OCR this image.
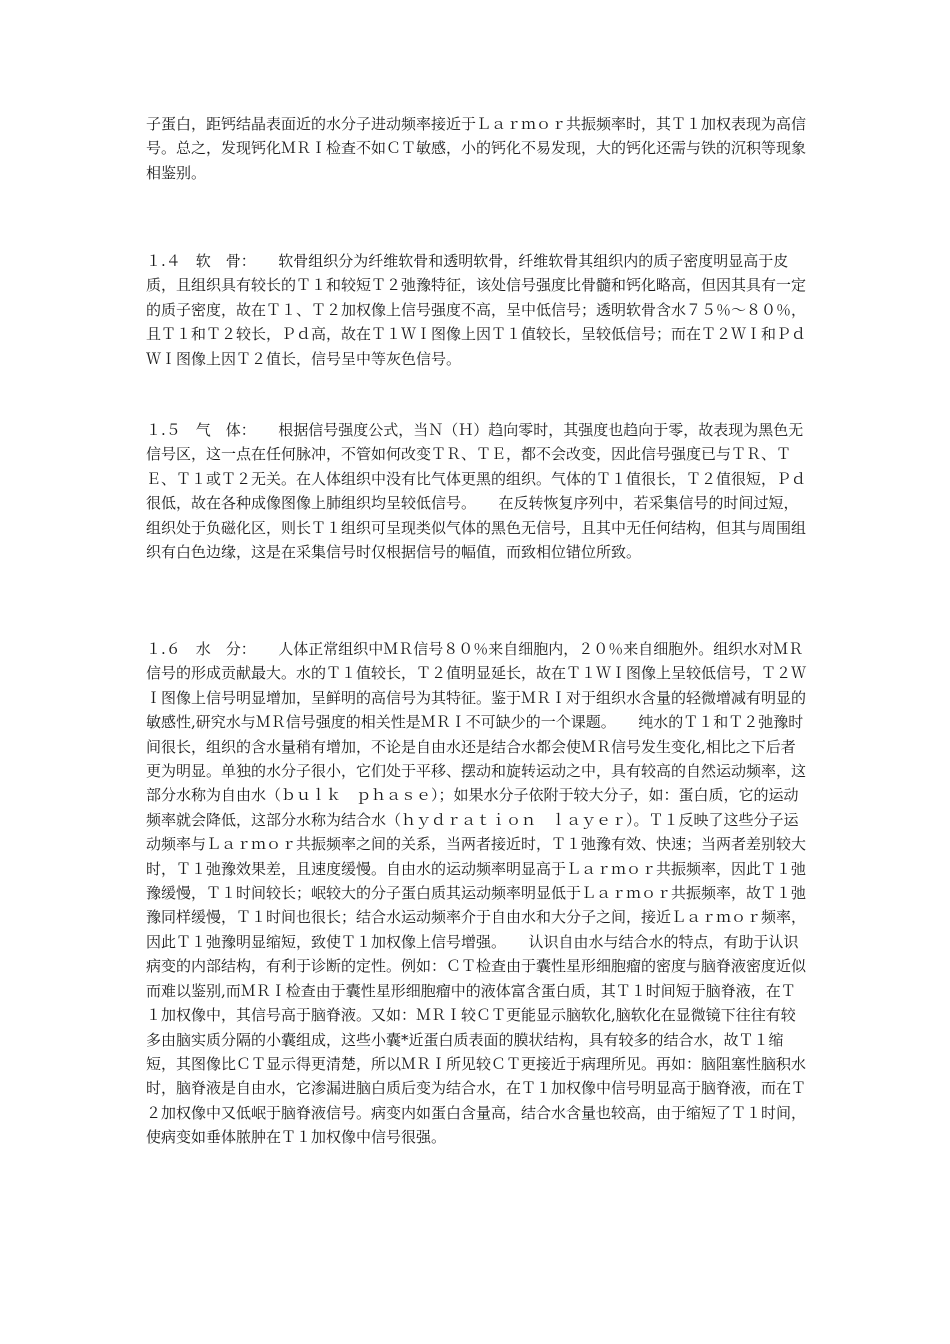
子蛋白，距钙结晶表面近的水分子进动频率接近于Ｌａｒｍｏｒ共振频率时，其Ｔ１加权表现为高信号。总之，发现钙化ＭＲＩ检查不如ＣＴ敏感，小的钙化不易发现，大的钙化还需与铁的沉积等现象相鉴别。
１.４　软　骨：　　软骨组织分为纤维软骨和透明软骨，纤维软骨其组织内的质子密度明显高于皮质，且组织具有较长的Ｔ１和较短Ｔ２弛豫特征，该处信号强度比骨髓和钙化略高，但因其具有一定的质子密度，故在Ｔ１、Ｔ２加权像上信号强度不高，呈中低信号；透明软骨含水７５％～８０％，且Ｔ１和Ｔ２较长，Ｐｄ高，故在Ｔ１ＷＩ图像上因Ｔ１值较长，呈较低信号；而在Ｔ２ＷＩ和ＰｄＷＩ图像上因Ｔ２值长，信号呈中等灰色信号。
１.５　气　体：　　根据信号强度公式，当Ｎ（Ｈ）趋向零时，其强度也趋向于零，故表现为黑色无信号区，这一点在任何脉冲，不管如何改变ＴＲ、ＴＥ，都不会改变，因此信号强度已与ＴＲ、ＴＥ、Ｔ１或Ｔ２无关。在人体组织中没有比气体更黑的组织。气体的Ｔ１值很长，Ｔ２值很短，Ｐｄ很低，故在各种成像图像上肺组织均呈较低信号。　　在反转恢复序列中，若采集信号的时间过短，组织处于负磁化区，则长Ｔ１组织可呈现类似气体的黑色无信号，且其中无任何结构，但其与周围组织有白色边缘，这是在采集信号时仅根据信号的幅值，而致相位错位所致。
１.６　水　分：　　人体正常组织中ＭＲ信号８０％来自细胞内，２０％来自细胞外。组织水对ＭＲ信号的形成贡献最大。水的Ｔ１值较长，Ｔ２值明显延长，故在Ｔ１ＷＩ图像上呈较低信号，Ｔ２ＷＩ图像上信号明显增加，呈鲜明的高信号为其特征。鉴于ＭＲＩ对于组织水含量的轻微增减有明显的敏感性,研究水与ＭＲ信号强度的相关性是ＭＲＩ不可缺少的一个课题。　　纯水的Ｔ１和Ｔ２弛豫时间很长，组织的含水量稍有增加，不论是自由水还是结合水都会使ＭＲ信号发生变化,相比之下后者更为明显。单独的水分子很小，它们处于平移、摆动和旋转运动之中，具有较高的自然运动频率，这部分水称为自由水（ｂｕｌｋ　ｐｈａｓｅ）；如果水分子依附于较大分子，如：蛋白质，它的运动频率就会降低，这部分水称为结合水（ｈｙｄｒａｔｉｏｎ　ｌａｙｅｒ）。Ｔ１反映了这些分子运动频率与Ｌａｒｍｏｒ共振频率之间的关系，当两者接近时，Ｔ１弛豫有效、快速；当两者差别较大时，Ｔ１弛豫效果差，且速度缓慢。自由水的运动频率明显高于Ｌａｒｍｏｒ共振频率，因此Ｔ１弛豫缓慢，Ｔ１时间较长；岷较大的分子蛋白质其运动频率明显低于Ｌａｒｍｏｒ共振频率，故Ｔ１弛豫同样缓慢，Ｔ１时间也很长；结合水运动频率介于自由水和大分子之间，接近Ｌａｒｍｏｒ频率，因此Ｔ１弛豫明显缩短，致使Ｔ１加权像上信号增强。　　认识自由水与结合水的特点，有助于认识病变的内部结构，有利于诊断的定性。例如：ＣＴ检查由于囊性星形细胞瘤的密度与脑脊液密度近似而难以鉴别,而ＭＲＩ检查由于囊性星形细胞瘤中的液体富含蛋白质，其Ｔ１时间短于脑脊液，在Ｔ１加权像中，其信号高于脑脊液。又如：ＭＲＩ较ＣＴ更能显示脑软化,脑软化在显微镜下往往有较多由脑实质分隔的小囊组成，这些小囊*近蛋白质表面的膜状结构，具有较多的结合水，故Ｔ１缩短，其图像比ＣＴ显示得更清楚，所以ＭＲＩ所见较ＣＴ更接近于病理所见。再如：脑阻塞性脑积水时，脑脊液是自由水，它渗漏进脑白质后变为结合水，在Ｔ１加权像中信号明显高于脑脊液，而在Ｔ２加权像中又低岷于脑脊液信号。病变内如蛋白含量高，结合水含量也较高，由于缩短了Ｔ１时间，使病变如垂体脓肿在Ｔ１加权像中信号很强。
